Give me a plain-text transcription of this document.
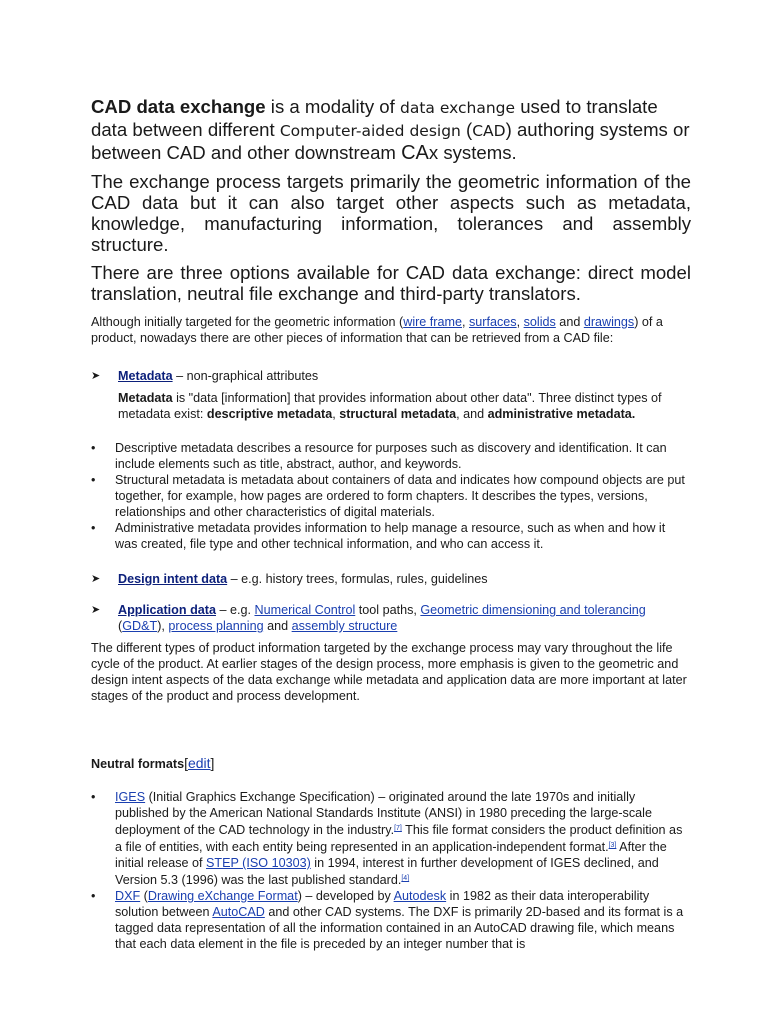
CAD data exchange is a modality of data exchange used to translate data between different Computer-aided design (CAD) authoring systems or between CAD and other downstream CAx systems.

The exchange process targets primarily the geometric information of the CAD data but it can also target other aspects such as metadata, knowledge, manufacturing information, tolerances and assembly structure.

There are three options available for CAD data exchange: direct model translation, neutral file exchange and third-party translators.

Although initially targeted for the geometric information (wire frame, surfaces, solids and drawings) of a product, nowadays there are other pieces of information that can be retrieved from a CAD file:

➤ Metadata – non-graphical attributes

Metadata is "data [information] that provides information about other data". Three distinct types of metadata exist: descriptive metadata, structural metadata, and administrative metadata.

• Descriptive metadata describes a resource for purposes such as discovery and identification. It can include elements such as title, abstract, author, and keywords.
• Structural metadata is metadata about containers of data and indicates how compound objects are put together, for example, how pages are ordered to form chapters. It describes the types, versions, relationships and other characteristics of digital materials.
• Administrative metadata provides information to help manage a resource, such as when and how it was created, file type and other technical information, and who can access it.
➤ Design intent data – e.g. history trees, formulas, rules, guidelines
➤ Application data – e.g. Numerical Control tool paths, Geometric dimensioning and tolerancing (GD&T), process planning and assembly structure

The different types of product information targeted by the exchange process may vary throughout the life cycle of the product. At earlier stages of the design process, more emphasis is given to the geometric and design intent aspects of the data exchange while metadata and application data are more important at later stages of the product and process development.

Neutral formats[edit]
• IGES (Initial Graphics Exchange Specification) – originated around the late 1970s and initially published by the American National Standards Institute (ANSI) in 1980 preceding the large-scale deployment of the CAD technology in the industry.[7] This file format considers the product definition as a file of entities, with each entity being represented in an application-independent format.[3] After the initial release of STEP (ISO 10303) in 1994, interest in further development of IGES declined, and Version 5.3 (1996) was the last published standard.[4]
• DXF (Drawing eXchange Format) – developed by Autodesk in 1982 as their data interoperability solution between AutoCAD and other CAD systems. The DXF is primarily 2D-based and its format is a tagged data representation of all the information contained in an AutoCAD drawing file, which means that each data element in the file is preceded by an integer number that is
